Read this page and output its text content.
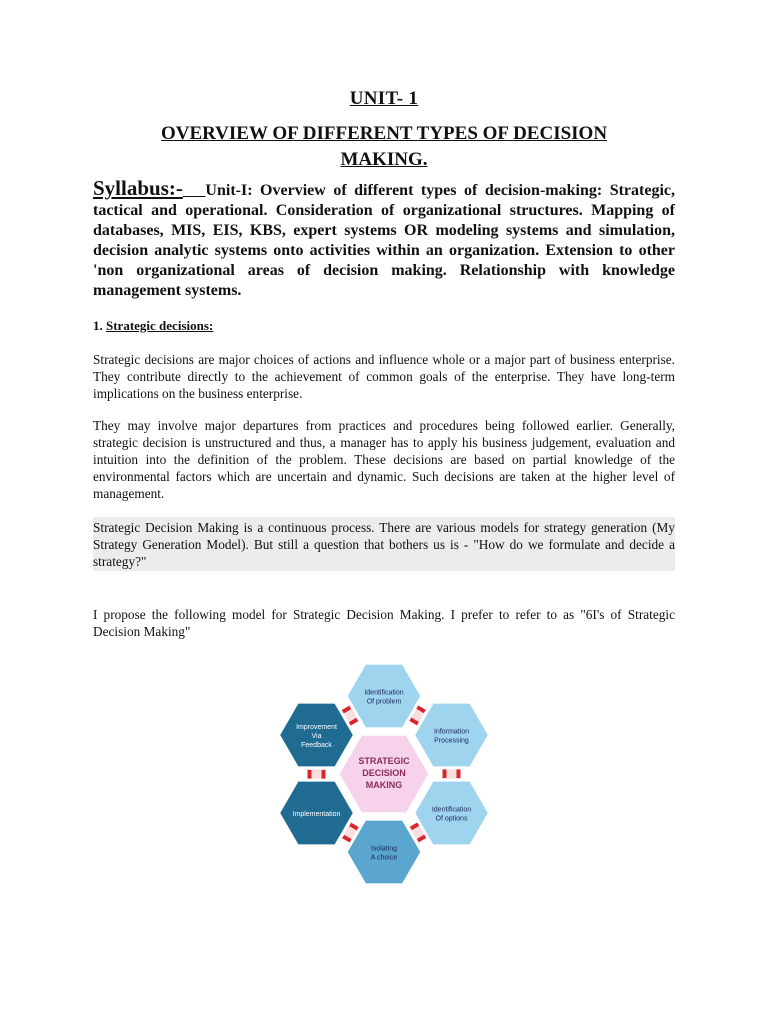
UNIT- 1
OVERVIEW OF DIFFERENT TYPES OF DECISION MAKING.
Syllabus:- Unit-I: Overview of different types of decision-making: Strategic, tactical and operational. Consideration of organizational structures. Mapping of databases, MIS, EIS, KBS, expert systems OR modeling systems and simulation, decision analytic systems onto activities within an organization. Extension to other 'non organizational areas of decision making. Relationship with knowledge management systems.
1. Strategic decisions:

Strategic decisions are major choices of actions and influence whole or a major part of business enterprise. They contribute directly to the achievement of common goals of the enterprise. They have long-term implications on the business enterprise.

They may involve major departures from practices and procedures being followed earlier. Generally, strategic decision is unstructured and thus, a manager has to apply his business judgement, evaluation and intuition into the definition of the problem. These decisions are based on partial knowledge of the environmental factors which are uncertain and dynamic. Such decisions are taken at the higher level of management.

Strategic Decision Making is a continuous process. There are various models for strategy generation (My Strategy Generation Model). But still a question that bothers us is - "How do we formulate and decide a strategy?"

I propose the following model for Strategic Decision Making. I prefer to refer to as "6I's of Strategic Decision Making"

Identification
Of problem
Information
Processing
Identification
Of options
Isolating
A choice
Implementation
Improvement
Via
Feedback
STRATEGIC
DECISION
MAKING
